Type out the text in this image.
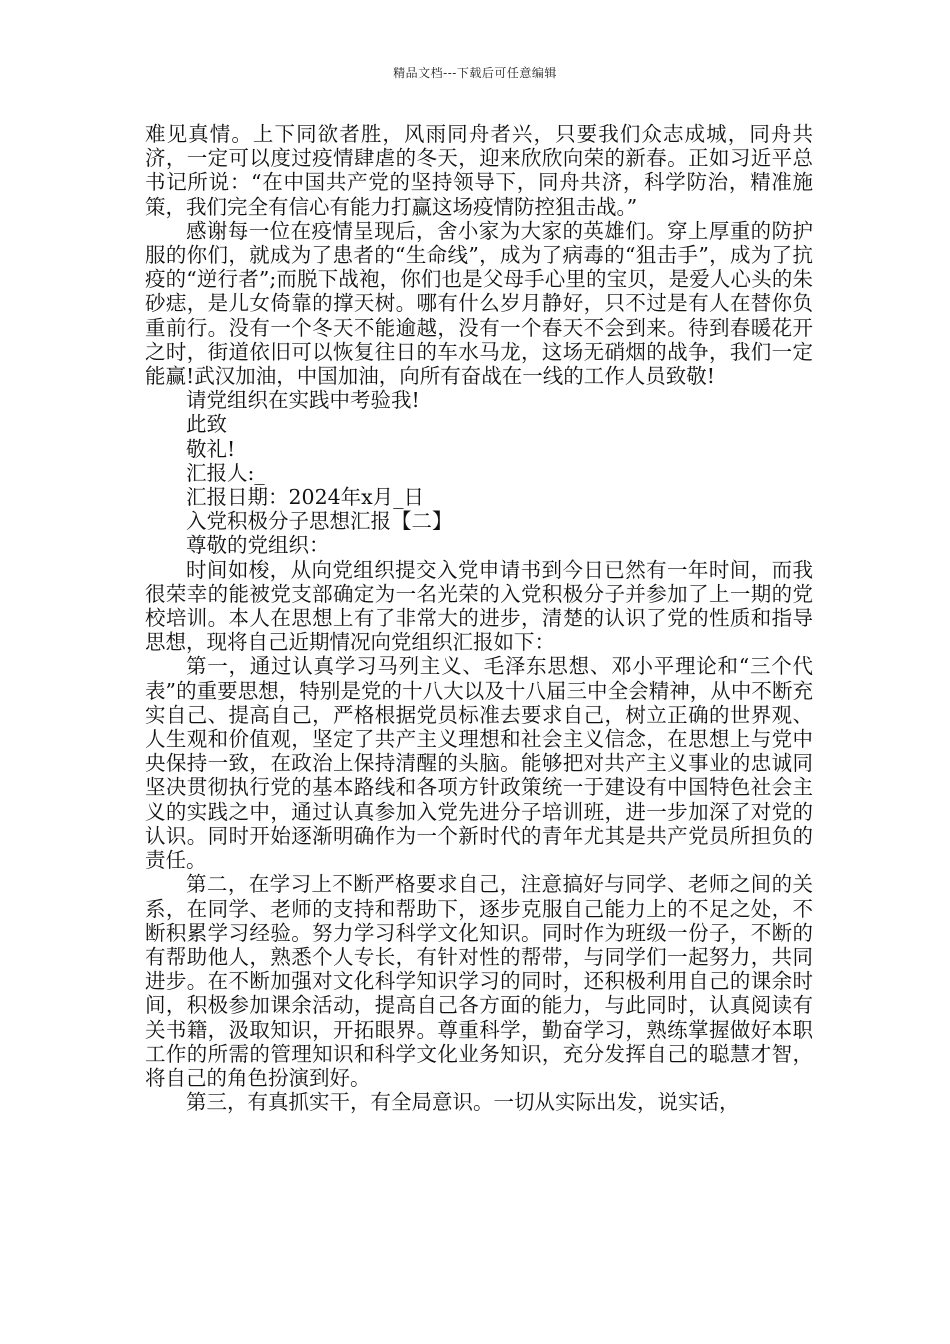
精品文档---下载后可任意编辑

难见真情。上下同欲者胜，风雨同舟者兴，只要我们众志成城，同舟共济，一定可以度过疫情肆虐的冬天，迎来欣欣向荣的新春。正如习近平总书记所说：“在中国共产党的坚持领导下，同舟共济，科学防治，精准施策，我们完全有信心有能力打赢这场疫情防控狙击战。”

感谢每一位在疫情呈现后，舍小家为大家的英雄们。穿上厚重的防护服的你们，就成为了患者的“生命线”，成为了病毒的“狙击手”，成为了抗疫的“逆行者”;而脱下战袍，你们也是父母手心里的宝贝，是爱人心头的朱砂痣，是儿女倚靠的撑天树。哪有什么岁月静好，只不过是有人在替你负重前行。没有一个冬天不能逾越，没有一个春天不会到来。待到春暖花开之时，街道依旧可以恢复往日的车水马龙，这场无硝烟的战争，我们一定能赢!武汉加油，中国加油，向所有奋战在一线的工作人员致敬!

请党组织在实践中考验我!

此致

敬礼!

汇报人:_

汇报日期：2024年x月_日

入党积极分子思想汇报【二】

尊敬的党组织：

时间如梭，从向党组织提交入党申请书到今日已然有一年时间，而我很荣幸的能被党支部确定为一名光荣的入党积极分子并参加了上一期的党校培训。本人在思想上有了非常大的进步，清楚的认识了党的性质和指导思想，现将自己近期情况向党组织汇报如下：

第一，通过认真学习马列主义、毛泽东思想、邓小平理论和“三个代表”的重要思想，特别是党的十八大以及十八届三中全会精神，从中不断充实自己、提高自己，严格根据党员标准去要求自己，树立正确的世界观、人生观和价值观，坚定了共产主义理想和社会主义信念，在思想上与党中央保持一致，在政治上保持清醒的头脑。能够把对共产主义事业的忠诚同坚决贯彻执行党的基本路线和各项方针政策统一于建设有中国特色社会主义的实践之中，通过认真参加入党先进分子培训班，进一步加深了对党的认识。同时开始逐渐明确作为一个新时代的青年尤其是共产党员所担负的责任。

第二，在学习上不断严格要求自己，注意搞好与同学、老师之间的关系，在同学、老师的支持和帮助下，逐步克服自己能力上的不足之处，不断积累学习经验。努力学习科学文化知识。同时作为班级一份子，不断的有帮助他人，熟悉个人专长，有针对性的帮带，与同学们一起努力，共同进步。在不断加强对文化科学知识学习的同时，还积极利用自己的课余时间，积极参加课余活动，提高自己各方面的能力，与此同时，认真阅读有关书籍，汲取知识，开拓眼界。尊重科学，勤奋学习，熟练掌握做好本职工作的所需的管理知识和科学文化业务知识，充分发挥自己的聪慧才智，将自己的角色扮演到好。

第三，有真抓实干，有全局意识。一切从实际出发，说实话，
